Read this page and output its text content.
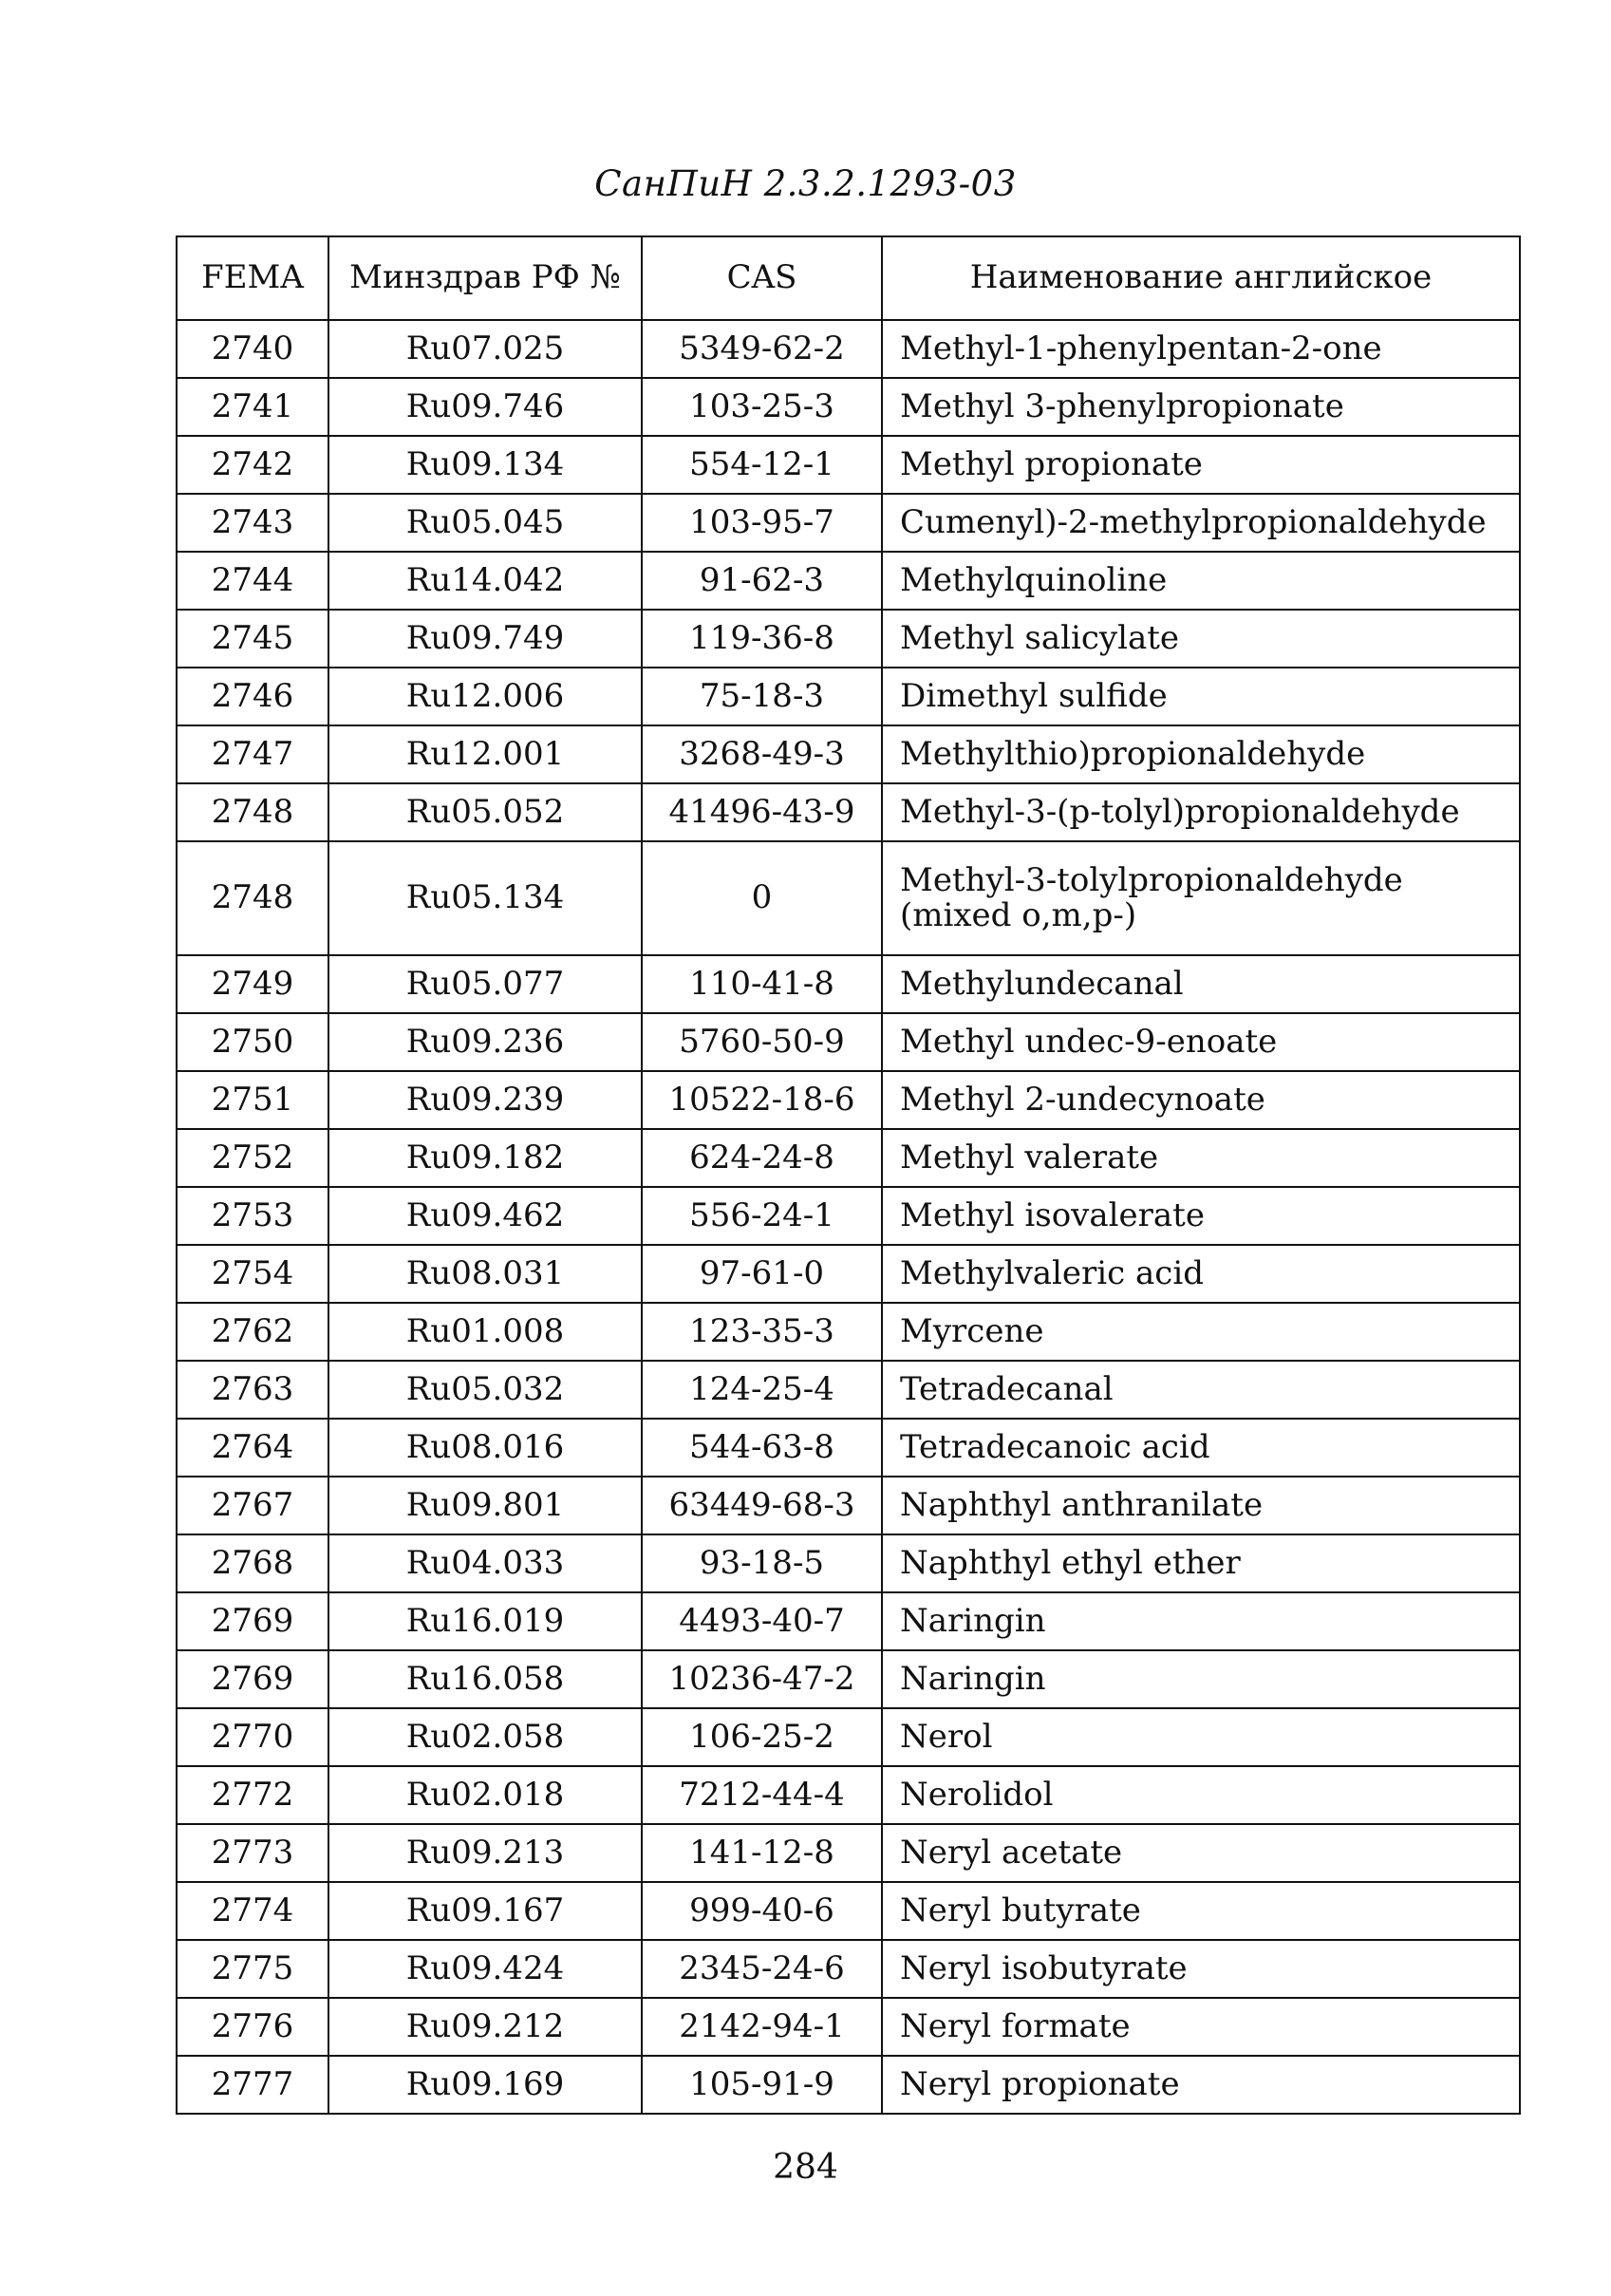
СанПиН 2.3.2.1293-03
FEMA	Минздрав РФ №	CAS	Наименование английское
2740	Ru07.025	5349-62-2	Methyl-1-phenylpentan-2-one
2741	Ru09.746	103-25-3	Methyl 3-phenylpropionate
2742	Ru09.134	554-12-1	Methyl propionate
2743	Ru05.045	103-95-7	Cumenyl)-2-methylpropionaldehyde
2744	Ru14.042	91-62-3	Methylquinoline
2745	Ru09.749	119-36-8	Methyl salicylate
2746	Ru12.006	75-18-3	Dimethyl sulfide
2747	Ru12.001	3268-49-3	Methylthio)propionaldehyde
2748	Ru05.052	41496-43-9	Methyl-3-(p-tolyl)propionaldehyde
2748	Ru05.134	0	Methyl-3-tolylpropionaldehyde (mixed o,m,p-)
2749	Ru05.077	110-41-8	Methylundecanal
2750	Ru09.236	5760-50-9	Methyl undec-9-enoate
2751	Ru09.239	10522-18-6	Methyl 2-undecynoate
2752	Ru09.182	624-24-8	Methyl valerate
2753	Ru09.462	556-24-1	Methyl isovalerate
2754	Ru08.031	97-61-0	Methylvaleric acid
2762	Ru01.008	123-35-3	Myrcene
2763	Ru05.032	124-25-4	Tetradecanal
2764	Ru08.016	544-63-8	Tetradecanoic acid
2767	Ru09.801	63449-68-3	Naphthyl anthranilate
2768	Ru04.033	93-18-5	Naphthyl ethyl ether
2769	Ru16.019	4493-40-7	Naringin
2769	Ru16.058	10236-47-2	Naringin
2770	Ru02.058	106-25-2	Nerol
2772	Ru02.018	7212-44-4	Nerolidol
2773	Ru09.213	141-12-8	Neryl acetate
2774	Ru09.167	999-40-6	Neryl butyrate
2775	Ru09.424	2345-24-6	Neryl isobutyrate
2776	Ru09.212	2142-94-1	Neryl formate
2777	Ru09.169	105-91-9	Neryl propionate
284
